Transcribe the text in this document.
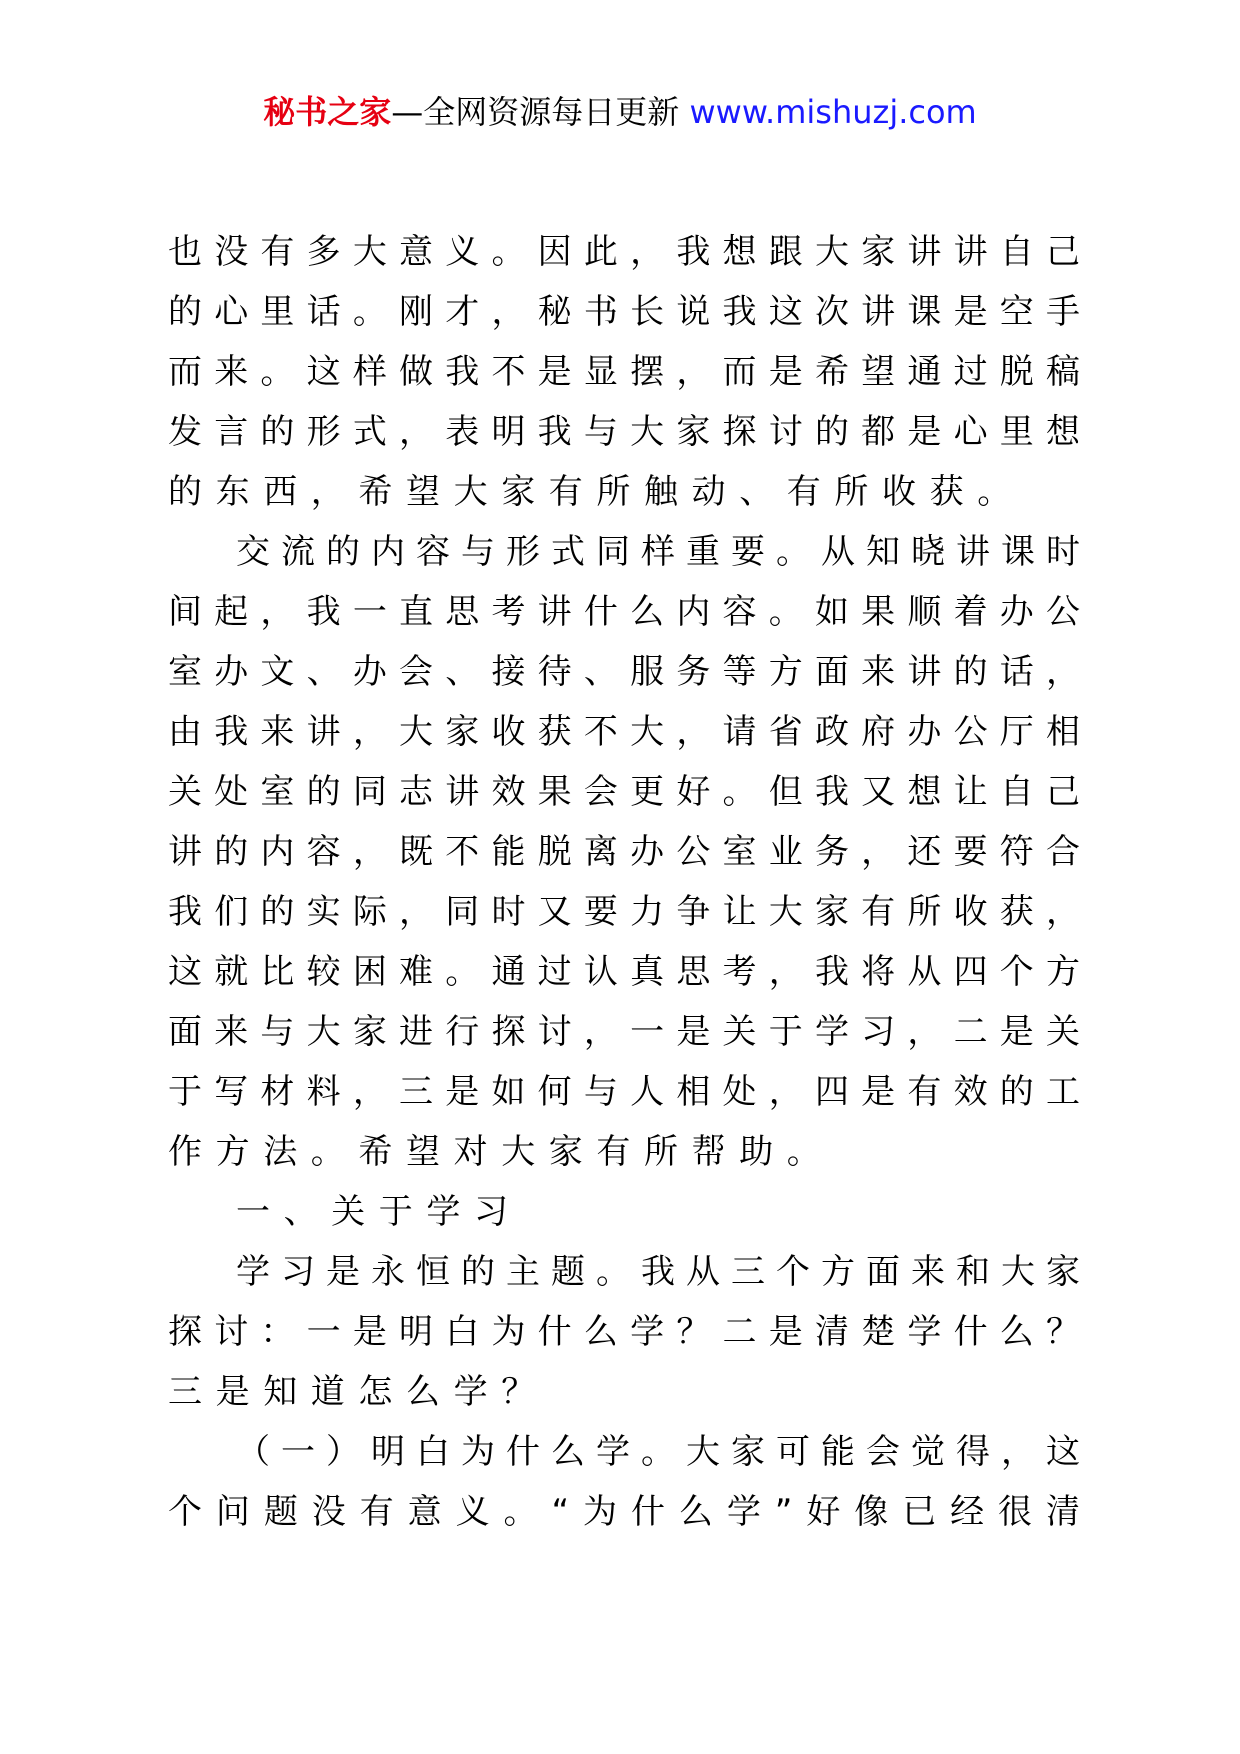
秘书之家—全网资源每日更新 www.mishuzj.com
也没有多大意义。因此，我想跟大家讲讲自己
的心里话。刚才，秘书长说我这次讲课是空手
而来。这样做我不是显摆，而是希望通过脱稿
发言的形式，表明我与大家探讨的都是心里想
的东西，希望大家有所触动、有所收获。
交流的内容与形式同样重要。从知晓讲课时
间起，我一直思考讲什么内容。如果顺着办公
室办文、办会、接待、服务等方面来讲的话，
由我来讲，大家收获不大，请省政府办公厅相
关处室的同志讲效果会更好。但我又想让自己
讲的内容，既不能脱离办公室业务，还要符合
我们的实际，同时又要力争让大家有所收获，
这就比较困难。通过认真思考，我将从四个方
面来与大家进行探讨，一是关于学习，二是关
于写材料，三是如何与人相处，四是有效的工
作方法。希望对大家有所帮助。
一、关于学习
学习是永恒的主题。我从三个方面来和大家
探讨：一是明白为什么学？二是清楚学什么？
三是知道怎么学？
（一）明白为什么学。大家可能会觉得，这
个问题没有意义。“为什么学”好像已经很清
